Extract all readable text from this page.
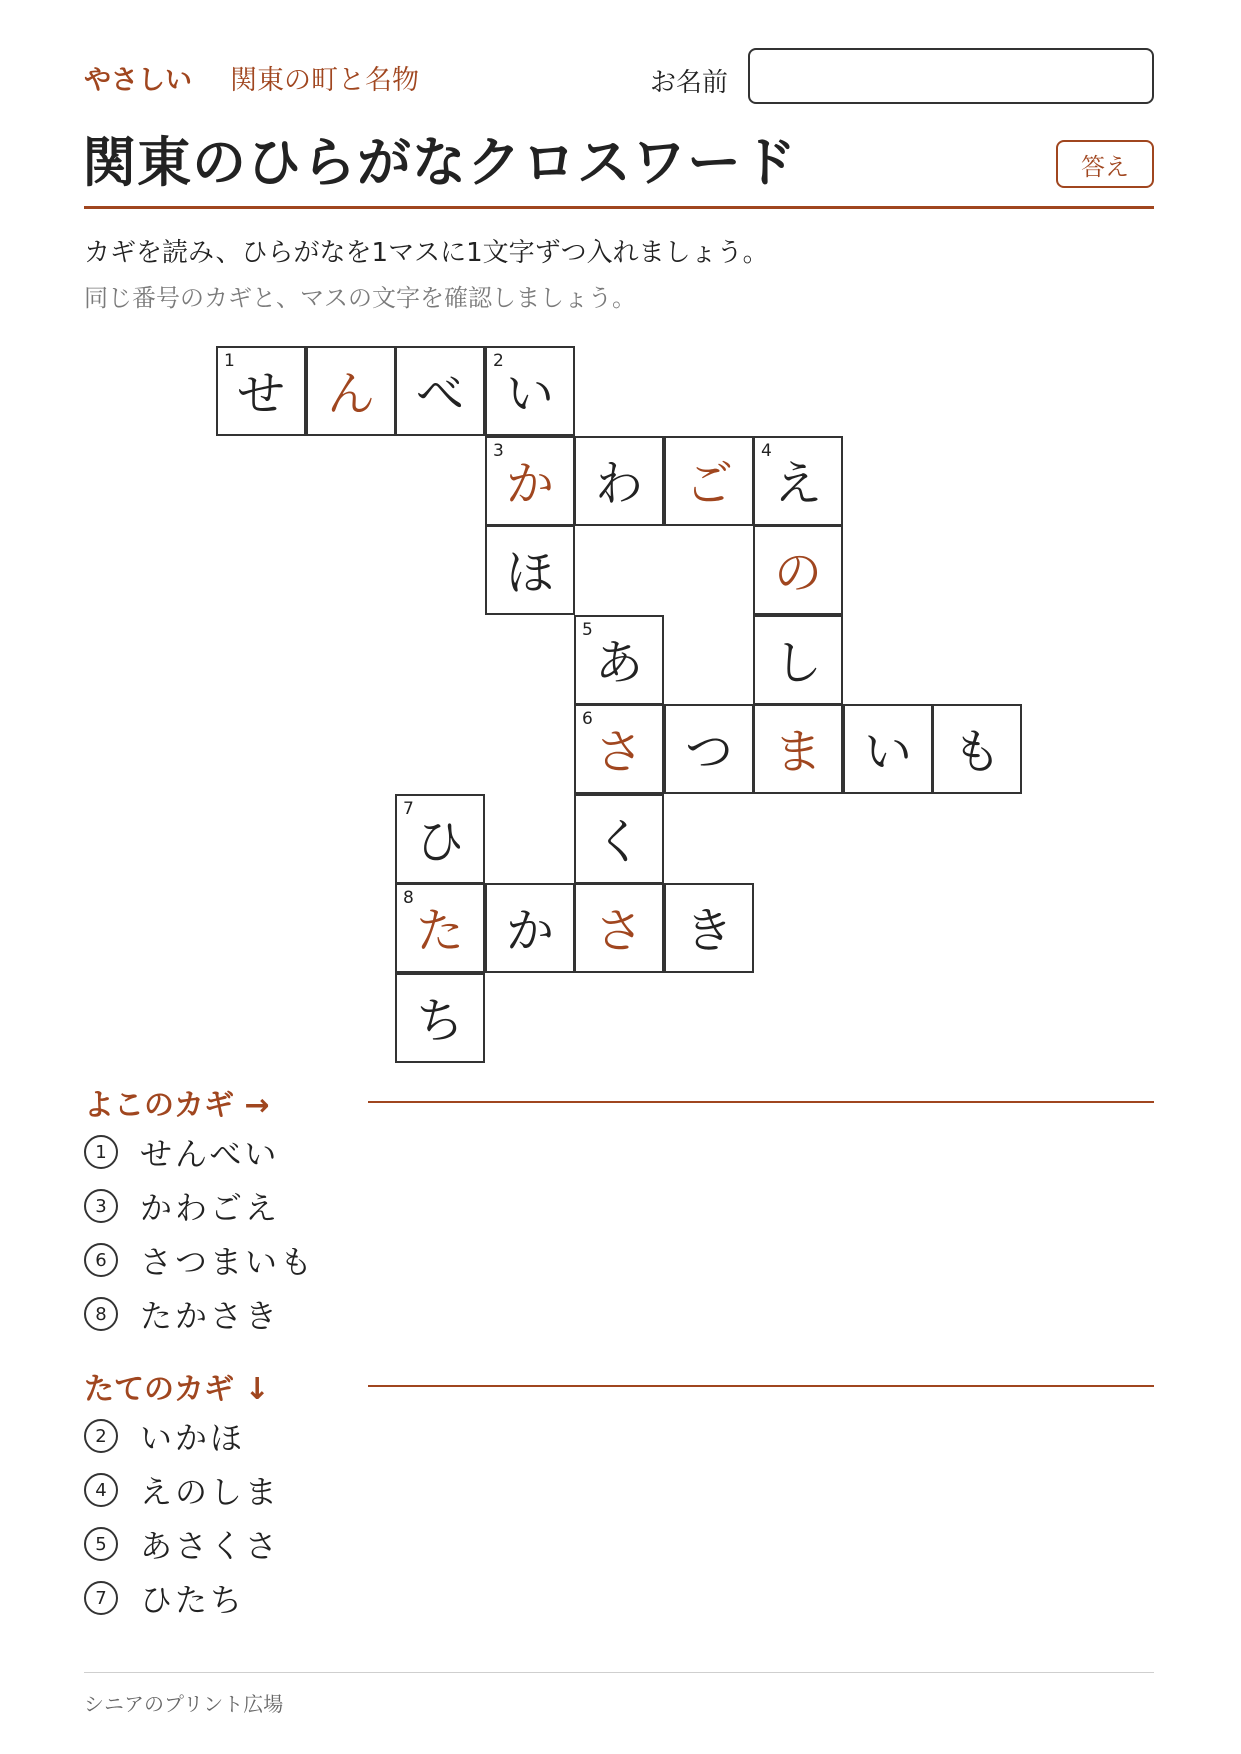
やさしい 関東の町と名物	お名前
関東のひらがなクロスワード	答え
カギを読み、ひらがなを1マスに1文字ずつ入れましょう。
同じ番号のカギと、マスの文字を確認しましょう。
1
せ ん べ
2
い
3
か わ ご
4
え
ほ	の
5
あ	し
6
さ つ ま い も
7
ひ	く
8
た か さ き
ち
よこのカギ →
1	せんべい
3	かわごえ
6	さつまいも
8	たかさき
たてのカギ ↓
2	いかほ
4	えのしま
5	あさくさ
7	ひたち
シニアのプリント広場
